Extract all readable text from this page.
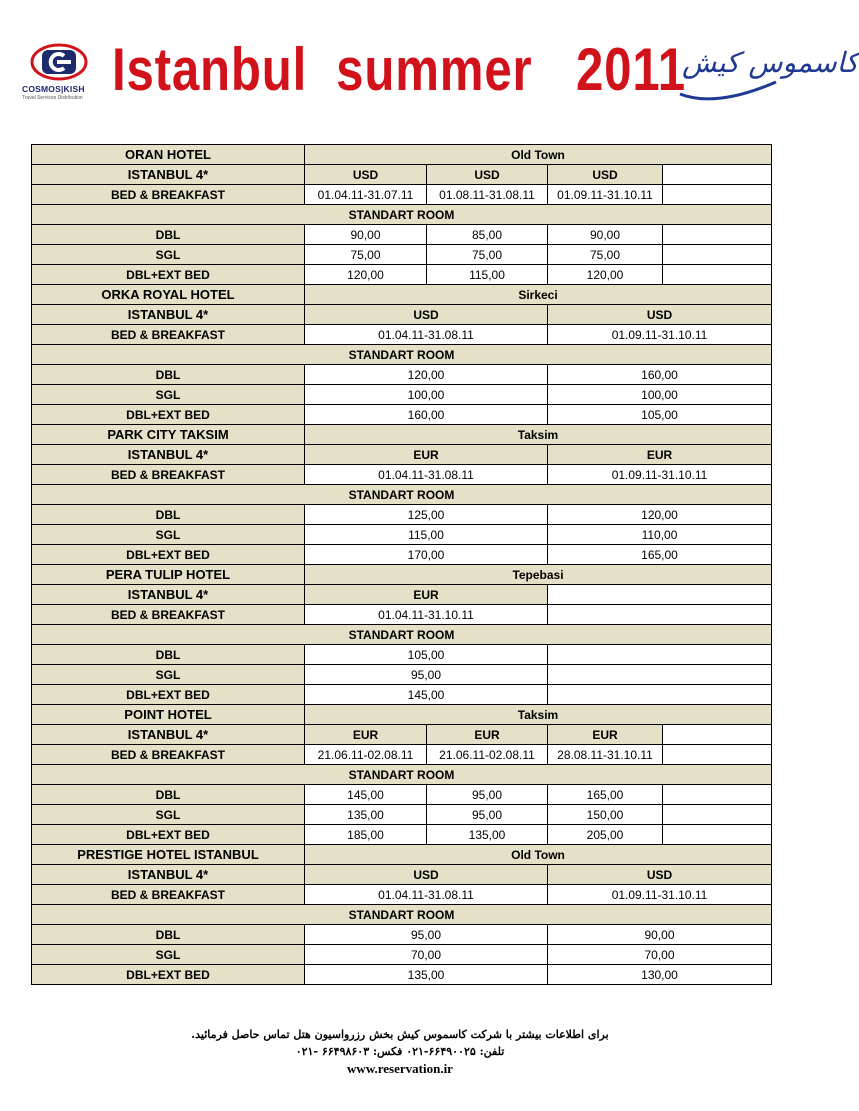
COSMOS|KISH
Travel Services Distribution Istanbul  summer   2011
کاسموس کیش
ORAN HOTEL	Old Town			
ISTANBUL 4*	USD	USD	USD	
BED & BREAKFAST	01.04.11-31.07.11	01.08.11-31.08.11	01.09.11-31.10.11	
STANDART ROOM				
DBL	90,00	85,00	90,00	
SGL	75,00	75,00	75,00	
DBL+EXT BED	120,00	115,00	120,00	
ORKA ROYAL HOTEL	Sirkeci			
ISTANBUL 4*	USD		USD	
BED & BREAKFAST	01.04.11-31.08.11		01.09.11-31.10.11	
STANDART ROOM				
DBL	120,00		160,00	
SGL	100,00		100,00	
DBL+EXT BED	160,00		105,00	
PARK CITY TAKSIM	Taksim			
ISTANBUL 4*	EUR		EUR	
BED & BREAKFAST	01.04.11-31.08.11		01.09.11-31.10.11	
STANDART ROOM				
DBL	125,00		120,00	
SGL	115,00		110,00	
DBL+EXT BED	170,00		165,00	
PERA TULIP HOTEL	Tepebasi			
ISTANBUL 4*	EUR			
BED & BREAKFAST	01.04.11-31.10.11			
STANDART ROOM				
DBL	105,00			
SGL	95,00			
DBL+EXT BED	145,00			
POINT HOTEL	Taksim			
ISTANBUL 4*	EUR	EUR	EUR	
BED & BREAKFAST	21.06.11-02.08.11	21.06.11-02.08.11	28.08.11-31.10.11	
STANDART ROOM				
DBL	145,00	95,00	165,00	
SGL	135,00	95,00	150,00	
DBL+EXT BED	185,00	135,00	205,00	
PRESTIGE HOTEL ISTANBUL	Old Town			
ISTANBUL 4*	USD		USD	
BED & BREAKFAST	01.04.11-31.08.11		01.09.11-31.10.11	
STANDART ROOM				
DBL	95,00		90,00	
SGL	70,00		70,00	
DBL+EXT BED	135,00		130,00	
برای اطلاعات بیشتر با شرکت کاسموس کیش بخش رزرواسیون هتل تماس حاصل فرمائید.
تلفن: ۶۶۴۹۰۰۲۵-۰۲۱ فکس: ۶۶۴۹۸۶۰۳ -۰۲۱
www.reservation.ir
